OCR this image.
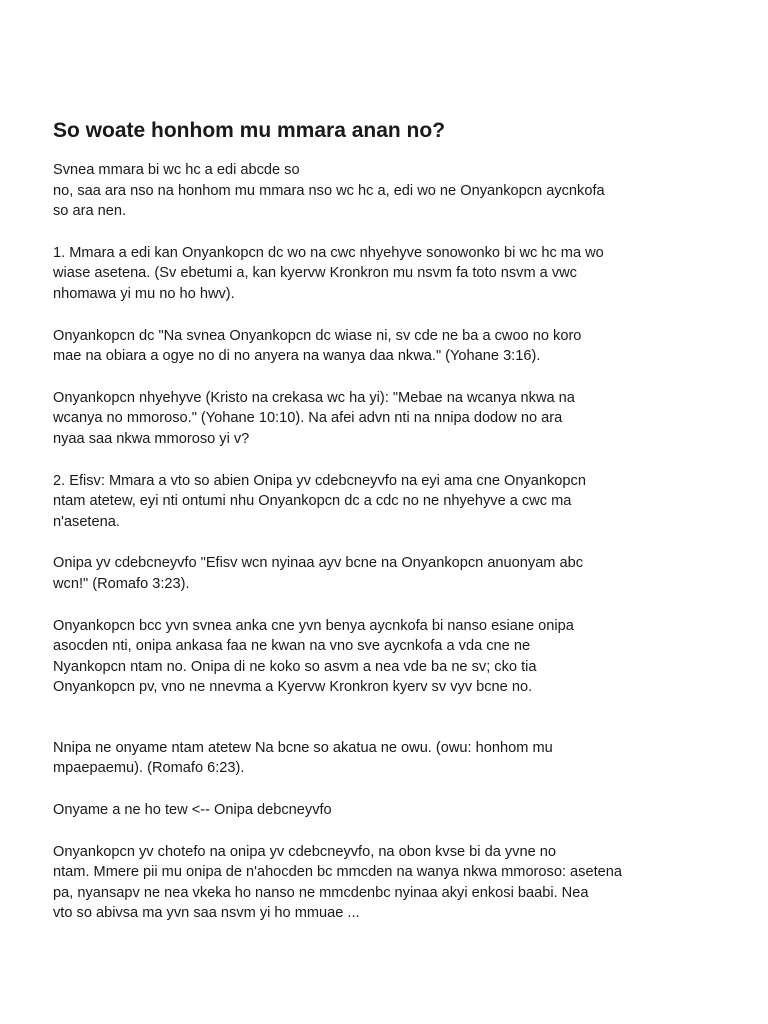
So woate honhom mu mmara anan no?
Svnea mmara bi wc hc a edi abcde so
no, saa ara nso na honhom mu mmara nso wc hc a, edi wo ne Onyankopcn aycnkofa
so ara nen.
1. Mmara a edi kan Onyankopcn dc wo na cwc nhyehyve sonowonko bi wc hc ma wo
wiase asetena. (Sv ebetumi a, kan kyervw Kronkron mu nsvm fa toto nsvm a vwc
nhomawa yi mu no ho hwv).
Onyankopcn dc "Na svnea Onyankopcn dc wiase ni, sv cde ne ba a cwoo no koro
mae na obiara a ogye no di no anyera na wanya daa nkwa." (Yohane 3:16).
Onyankopcn nhyehyve (Kristo na crekasa wc ha yi): "Mebae na wcanya nkwa na
wcanya no mmoroso." (Yohane 10:10). Na afei advn nti na nnipa dodow no ara
nyaa saa nkwa mmoroso yi v?
2. Efisv: Mmara a vto so abien Onipa yv cdebcneyvfo na eyi ama cne Onyankopcn
ntam atetew, eyi nti ontumi nhu Onyankopcn dc a cdc no ne nhyehyve a cwc ma
n'asetena.
Onipa yv cdebcneyvfo "Efisv wcn nyinaa ayv bcne na Onyankopcn anuonyam abc
wcn!" (Romafo 3:23).
Onyankopcn bcc yvn svnea anka cne yvn benya aycnkofa bi nanso esiane onipa
asocden nti, onipa ankasa faa ne kwan na vno sve aycnkofa a vda cne ne
Nyankopcn ntam no. Onipa di ne koko so asvm a nea vde ba ne sv; cko tia
Onyankopcn pv, vno ne nnevma a Kyervw Kronkron kyerv sv vyv bcne no.
Nnipa ne onyame ntam atetew Na bcne so akatua ne owu. (owu: honhom mu
mpaepaemu). (Romafo 6:23).
Onyame a ne ho tew <-- Onipa debcneyvfo
Onyankopcn yv chotefo na onipa yv cdebcneyvfo, na obon kvse bi da yvne no
ntam. Mmere pii mu onipa de n'ahocden bc mmcden na wanya nkwa mmoroso: asetena
pa, nyansapv ne nea vkeka ho nanso ne mmcdenbc nyinaa akyi enkosi baabi. Nea
vto so abivsa ma yvn saa nsvm yi ho mmuae ...
